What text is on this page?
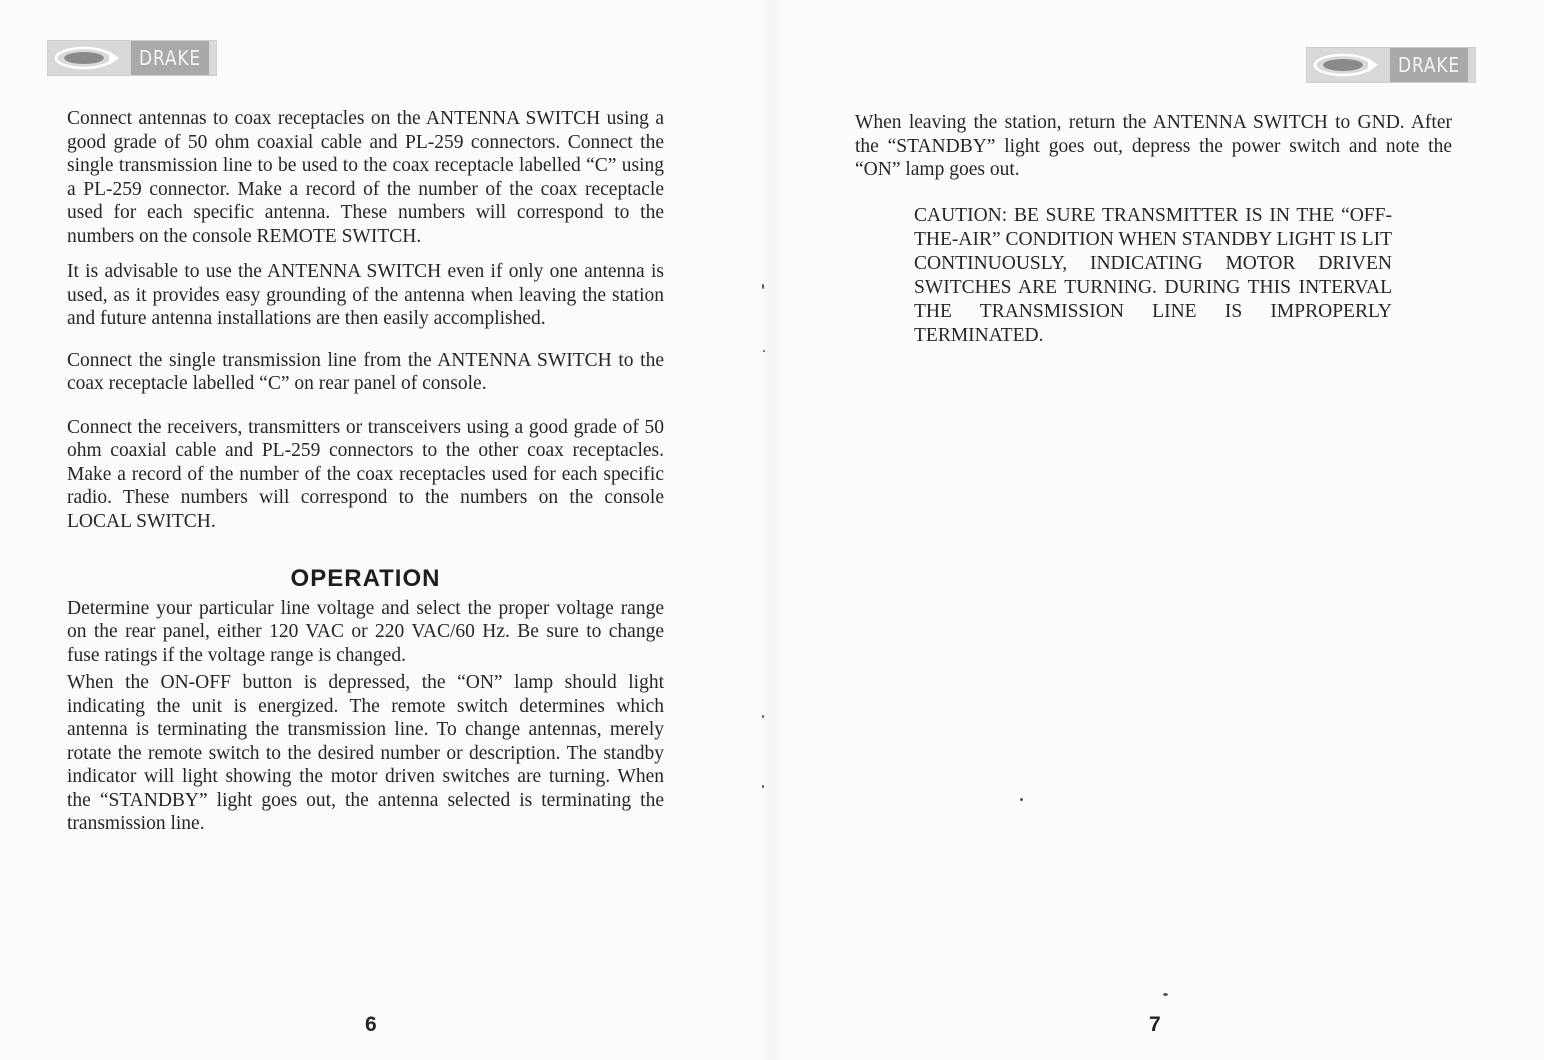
DRAKE	DRAKE

Connect antennas to coax receptacles on the ANTENNA SWITCH using a good grade of 50 ohm coaxial cable and PL-259 connectors. Connect the single transmission line to be used to the coax receptacle labelled “C” using a PL-259 connector. Make a record of the number of the coax receptacle used for each specific antenna. These numbers will correspond to the numbers on the console REMOTE SWITCH.

It is advisable to use the ANTENNA SWITCH even if only one antenna is used, as it provides easy grounding of the antenna when leaving the station and future antenna installations are then easily accomplished.

Connect the single transmission line from the ANTENNA SWITCH to the coax receptacle labelled “C” on rear panel of console.

Connect the receivers, transmitters or transceivers using a good grade of 50 ohm coaxial cable and PL-259 connectors to the other coax receptacles. Make a record of the number of the coax receptacles used for each specific radio. These numbers will correspond to the numbers on the console LOCAL SWITCH.

OPERATION

Determine your particular line voltage and select the proper voltage range on the rear panel, either 120 VAC or 220 VAC/60 Hz. Be sure to change fuse ratings if the voltage range is changed.

When the ON-OFF button is depressed, the “ON” lamp should light indicating the unit is energized. The remote switch determines which antenna is terminating the transmission line. To change antennas, merely rotate the remote switch to the desired number or description. The standby indicator will light showing the motor driven switches are turning. When the “STANDBY” light goes out, the antenna selected is terminating the transmission line.

When leaving the station, return the ANTENNA SWITCH to GND. After the “STANDBY” light goes out, depress the power switch and note the “ON” lamp goes out.

CAUTION: BE SURE TRANSMITTER IS IN THE “OFF-THE-AIR” CONDITION WHEN STANDBY LIGHT IS LIT CONTINUOUSLY, INDICATING MOTOR DRIVEN SWITCHES ARE TURNING. DURING THIS INTERVAL THE TRANSMISSION LINE IS IMPROPERLY TERMINATED.

6	7
